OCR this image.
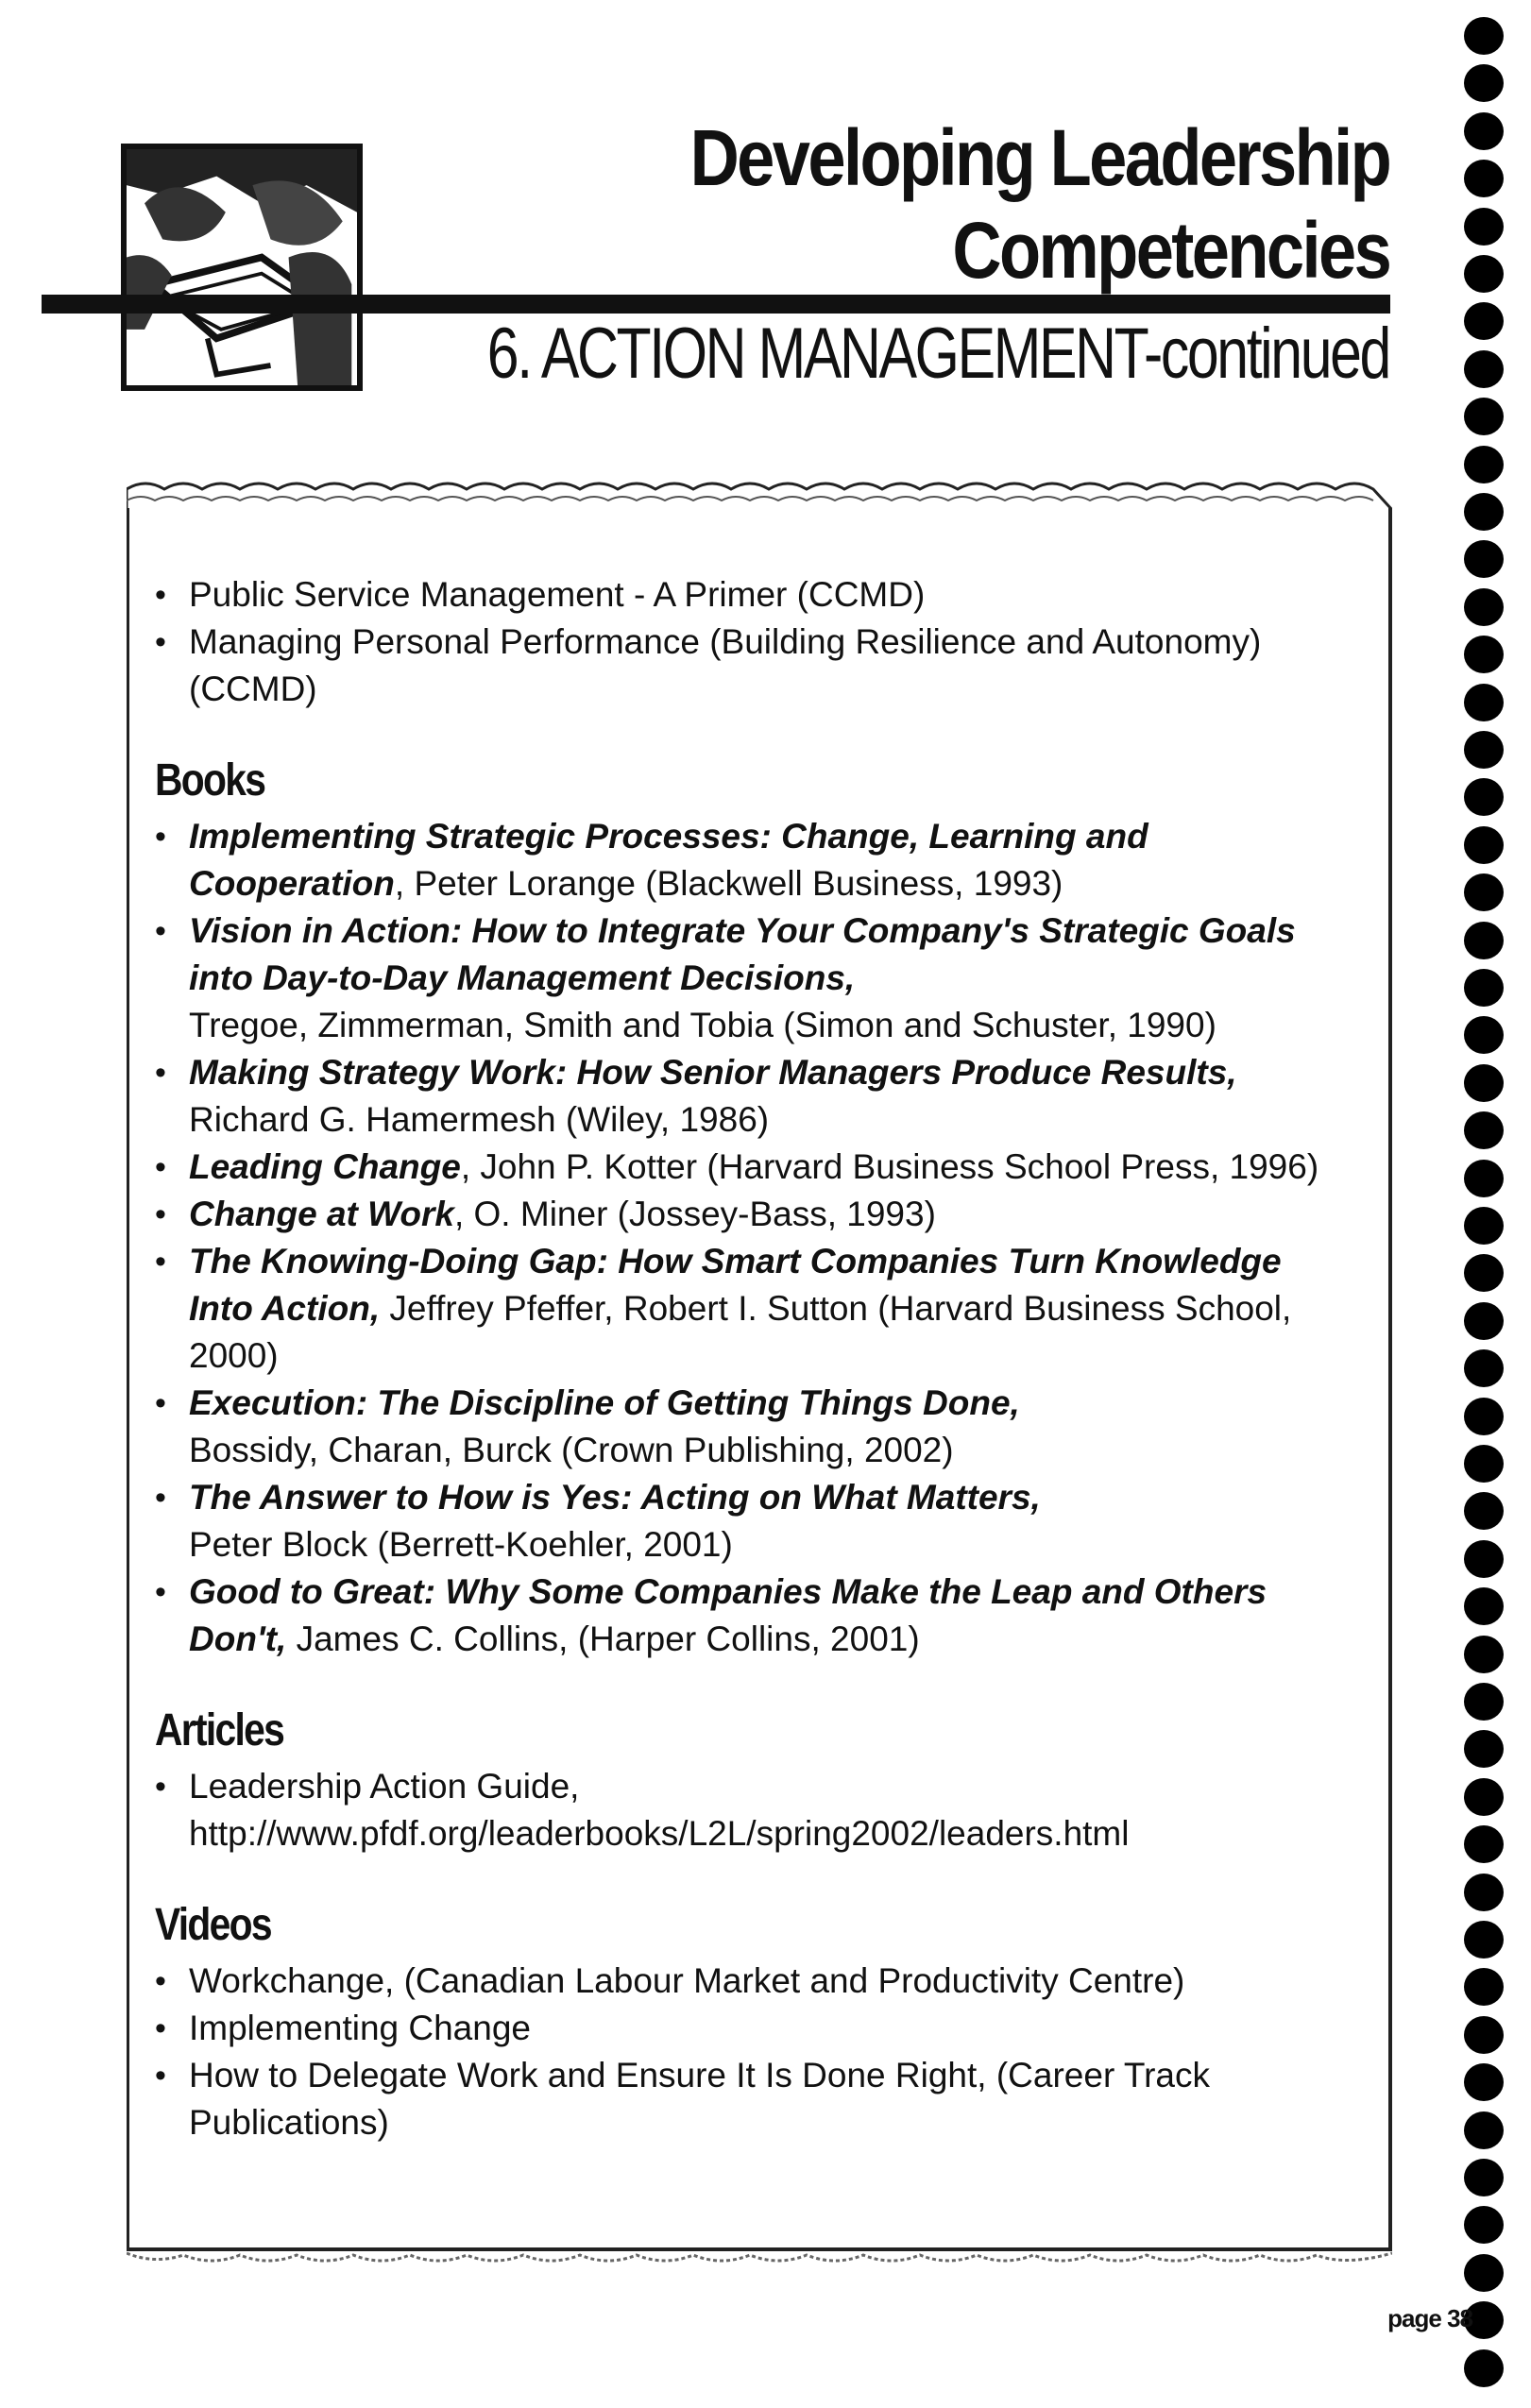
Developing Leadership
Competencies
6. ACTION MANAGEMENT-continued
• Public Service Management - A Primer (CCMD)
• Managing Personal Performance (Building Resilience and Autonomy) (CCMD)
Books
• Implementing Strategic Processes: Change, Learning and Cooperation, Peter Lorange (Blackwell Business, 1993)
• Vision in Action: How to Integrate Your Company's Strategic Goals into Day-to-Day Management Decisions,
Tregoe, Zimmerman, Smith and Tobia (Simon and Schuster, 1990)
• Making Strategy Work: How Senior Managers Produce Results,
Richard G. Hamermesh (Wiley, 1986)
• Leading Change, John P. Kotter (Harvard Business School Press, 1996)
• Change at Work, O. Miner (Jossey-Bass, 1993)
• The Knowing-Doing Gap: How Smart Companies Turn Knowledge Into Action, Jeffrey Pfeffer, Robert I. Sutton (Harvard Business School, 2000)
• Execution: The Discipline of Getting Things Done,
Bossidy, Charan, Burck (Crown Publishing, 2002)
• The Answer to How is Yes: Acting on What Matters,
Peter Block (Berrett-Koehler, 2001)
• Good to Great: Why Some Companies Make the Leap and Others Don't, James C. Collins, (Harper Collins, 2001)
Articles
• Leadership Action Guide,
http://www.pfdf.org/leaderbooks/L2L/spring2002/leaders.html
Videos
• Workchange, (Canadian Labour Market and Productivity Centre)
• Implementing Change
• How to Delegate Work and Ensure It Is Done Right, (Career Track Publications)
page 38
